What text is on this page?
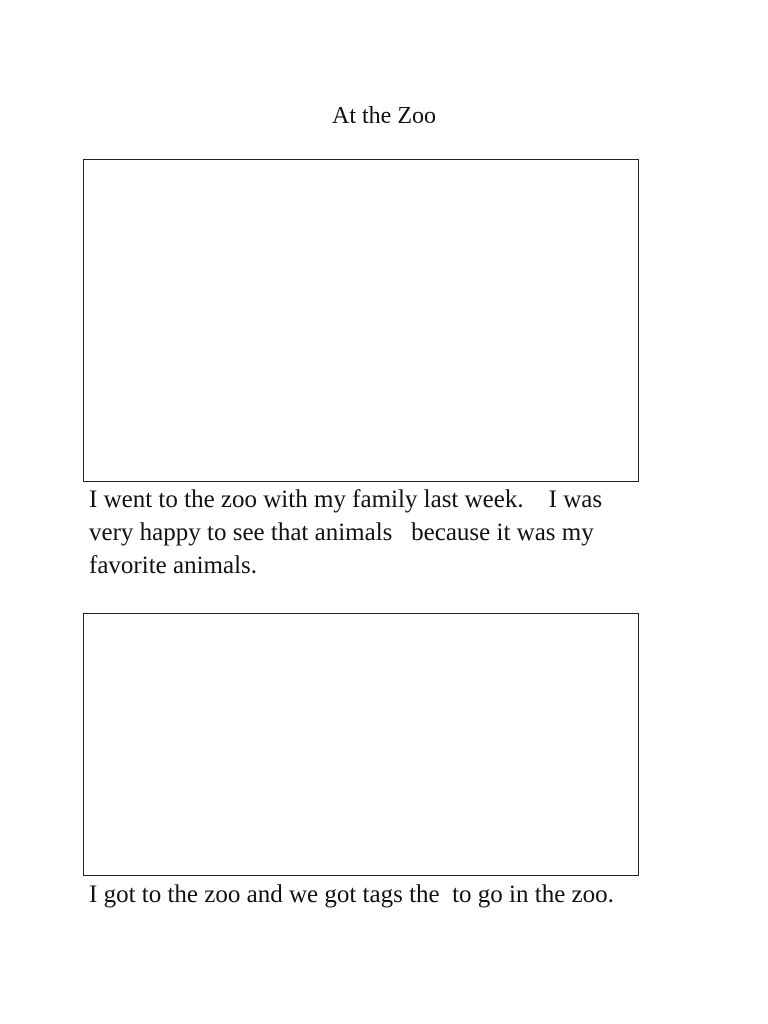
At the Zoo
I went to the zoo with my family last week.    I was
very happy to see that animals   because it was my
favorite animals.
I got to the zoo and we got tags the  to go in the zoo.
